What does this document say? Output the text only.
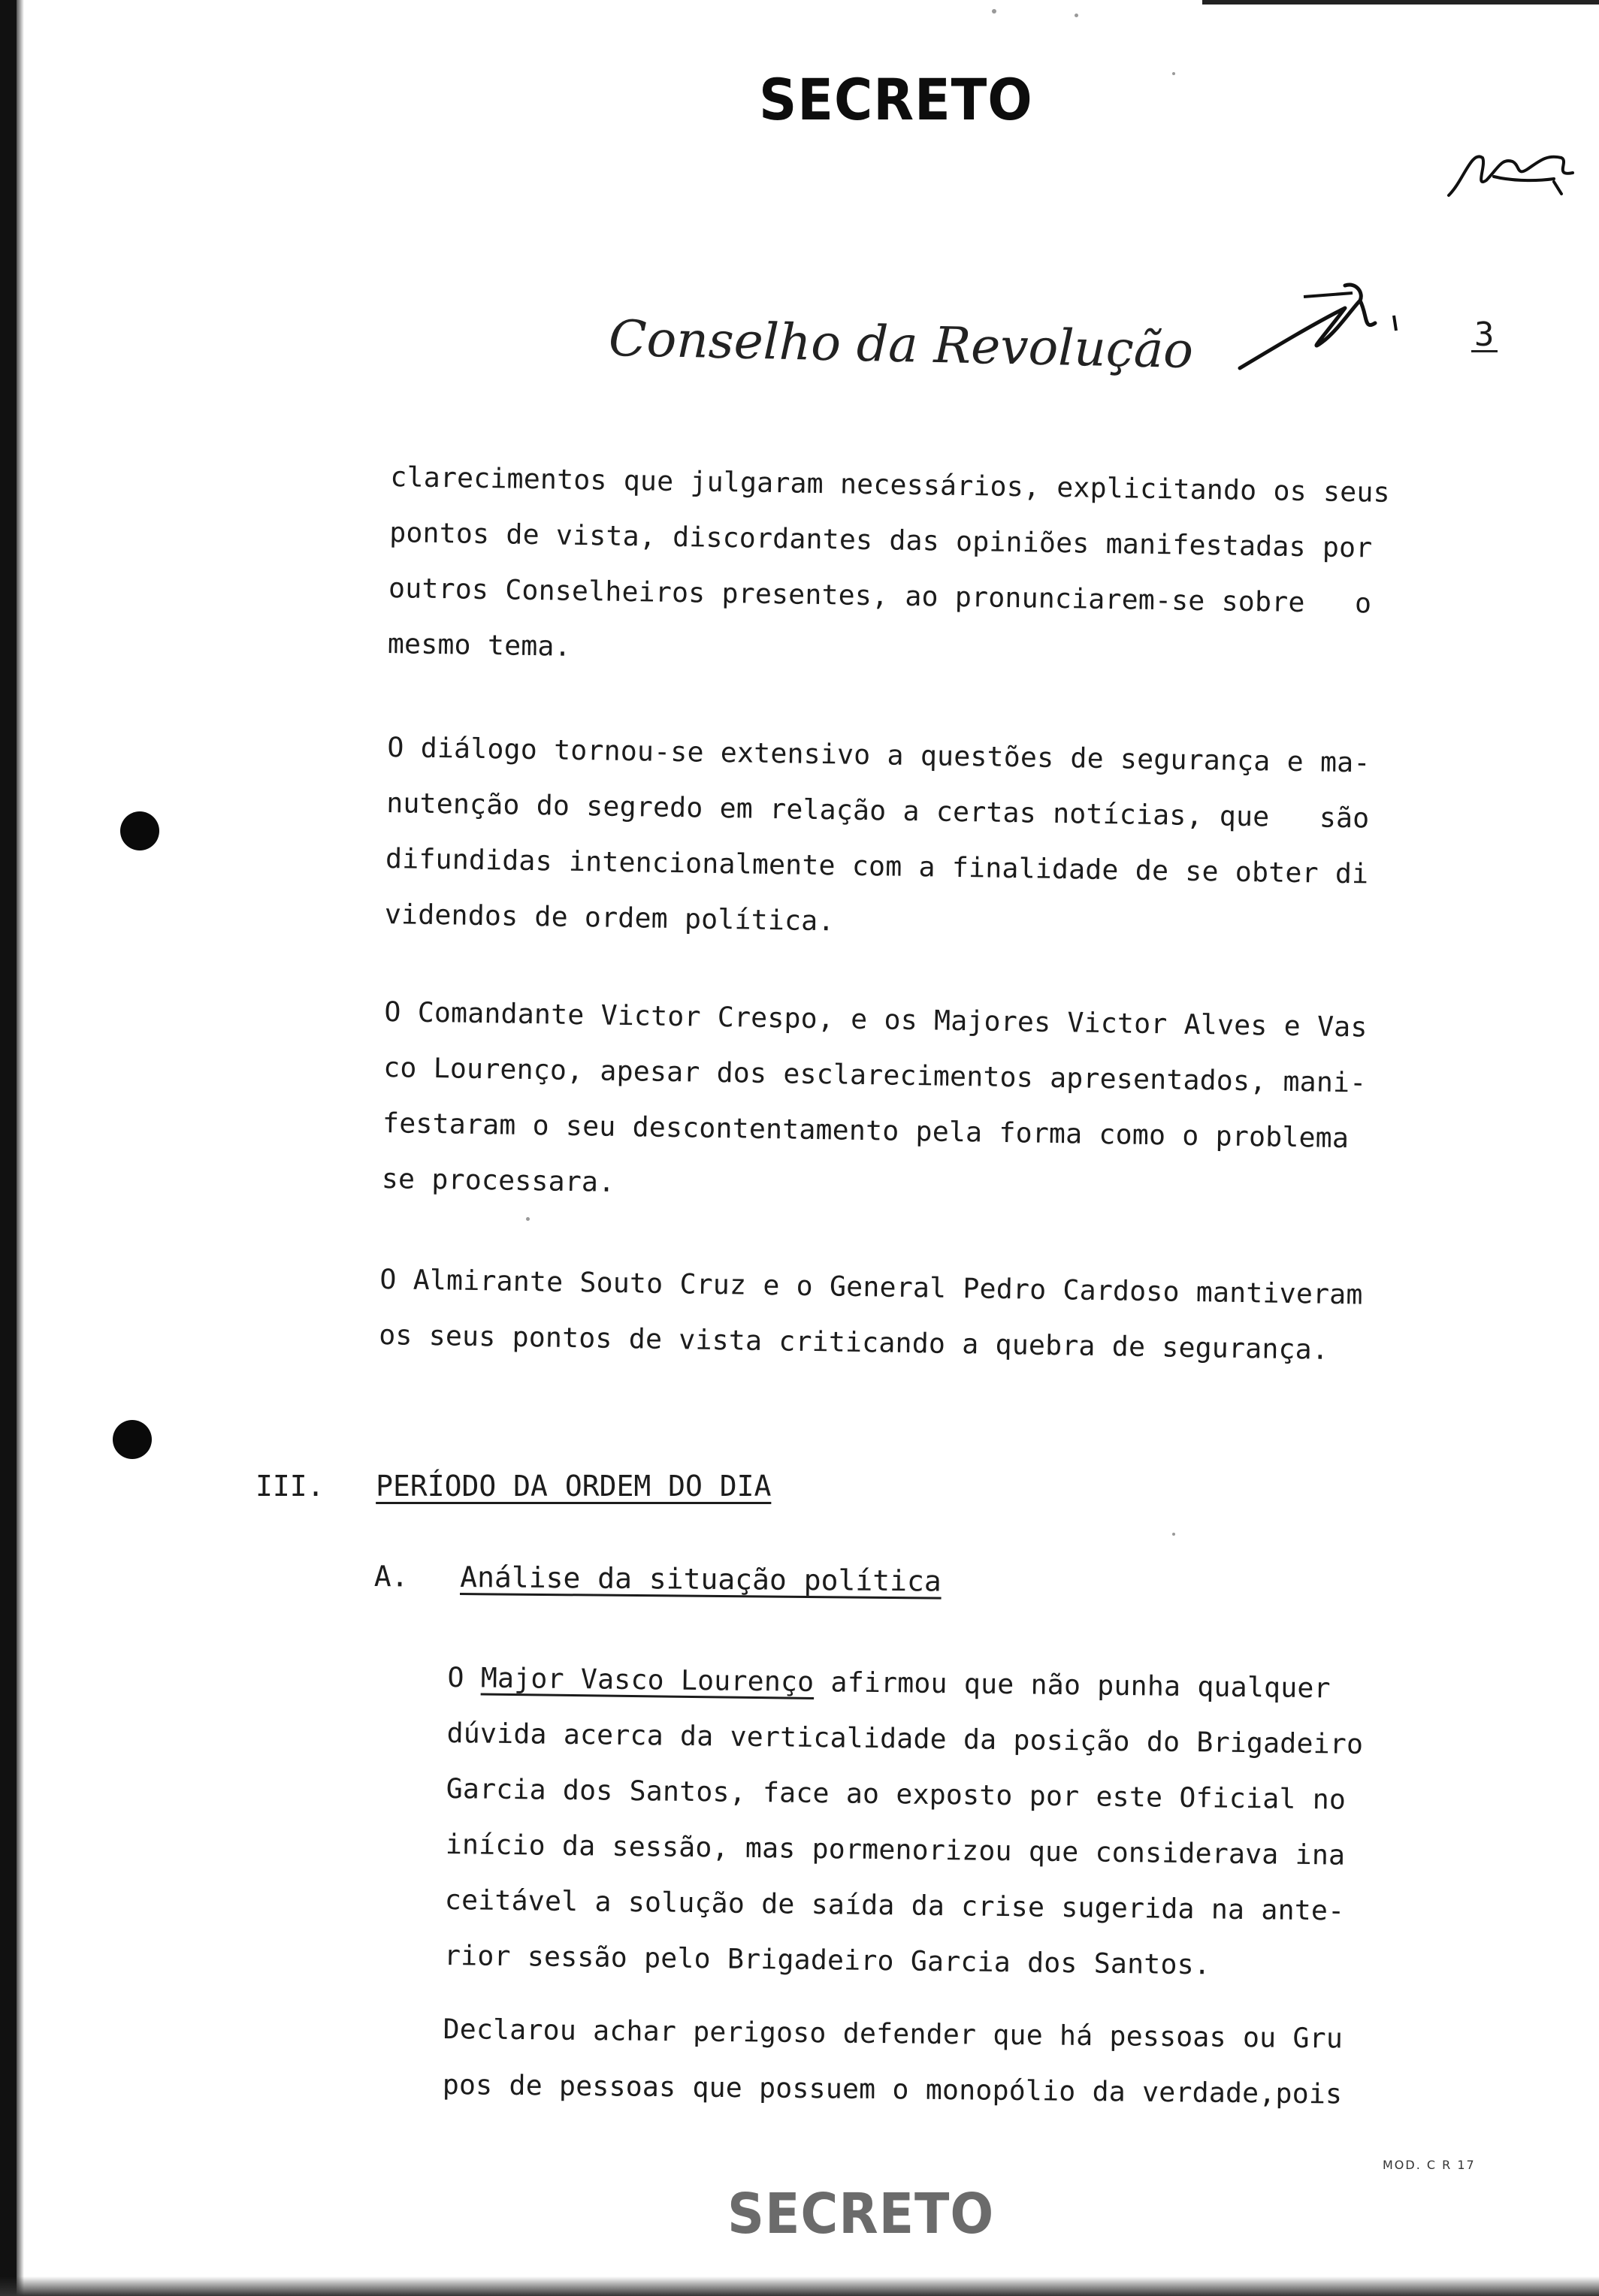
SECRETO
Conselho da Revolução	3

clarecimentos que julgaram necessários, explicitando os seus
pontos de vista, discordantes das opiniões manifestadas por
outros Conselheiros presentes, ao pronunciarem-se sobre   o
mesmo tema.

O diálogo tornou-se extensivo a questões de segurança e ma-
nutenção do segredo em relação a certas notícias, que   são
difundidas intencionalmente com a finalidade de se obter di
videndos de ordem política.

O Comandante Victor Crespo, e os Majores Victor Alves e Vas
co Lourenço, apesar dos esclarecimentos apresentados, mani-
festaram o seu descontentamento pela forma como o problema
se processara.

O Almirante Souto Cruz e o General Pedro Cardoso mantiveram
os seus pontos de vista criticando a quebra de segurança.

III. PERÍODO DA ORDEM DO DIA
A. Análise da situação política

O Major Vasco Lourenço afirmou que não punha qualquer
dúvida acerca da verticalidade da posição do Brigadeiro
Garcia dos Santos, face ao exposto por este Oficial no
início da sessão, mas pormenorizou que considerava ina
ceitável a solução de saída da crise sugerida na ante-
rior sessão pelo Brigadeiro Garcia dos Santos.

Declarou achar perigoso defender que há pessoas ou Gru
pos de pessoas que possuem o monopólio da verdade,pois

MOD. C R 17
SECRETO
